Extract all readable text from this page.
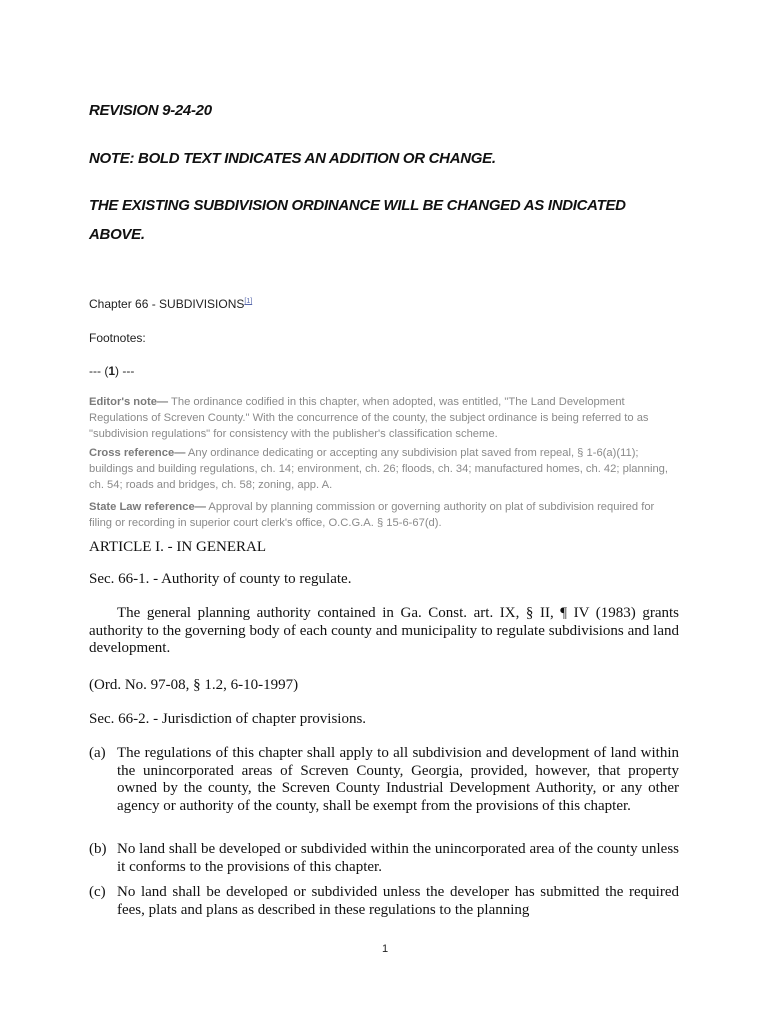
REVISION 9-24-20
NOTE: BOLD TEXT INDICATES AN ADDITION OR CHANGE.
THE EXISTING SUBDIVISION ORDINANCE WILL BE CHANGED AS INDICATED
ABOVE.
Chapter 66 - SUBDIVISIONS[1]
Footnotes:
--- (1) ---
Editor's note— The ordinance codified in this chapter, when adopted, was entitled, "The Land Development Regulations of Screven County." With the concurrence of the county, the subject ordinance is being referred to as "subdivision regulations" for consistency with the publisher's classification scheme.
Cross reference— Any ordinance dedicating or accepting any subdivision plat saved from repeal, § 1-6(a)(11); buildings and building regulations, ch. 14; environment, ch. 26; floods, ch. 34; manufactured homes, ch. 42; planning, ch. 54; roads and bridges, ch. 58; zoning, app. A.
State Law reference— Approval by planning commission or governing authority on plat of subdivision required for filing or recording in superior court clerk's office, O.C.G.A. § 15-6-67(d).
ARTICLE I. - IN GENERAL
Sec. 66-1. - Authority of county to regulate.
The general planning authority contained in Ga. Const. art. IX, § II, ¶ IV (1983) grants authority to the governing body of each county and municipality to regulate subdivisions and land development.
(Ord. No. 97-08, § 1.2, 6-10-1997)
Sec. 66-2. - Jurisdiction of chapter provisions.
(a) The regulations of this chapter shall apply to all subdivision and development of land within the unincorporated areas of Screven County, Georgia, provided, however, that property owned by the county, the Screven County Industrial Development Authority, or any other agency or authority of the county, shall be exempt from the provisions of this chapter.
(b) No land shall be developed or subdivided within the unincorporated area of the county unless it conforms to the provisions of this chapter.
(c) No land shall be developed or subdivided unless the developer has submitted the required fees, plats and plans as described in these regulations to the planning
1
